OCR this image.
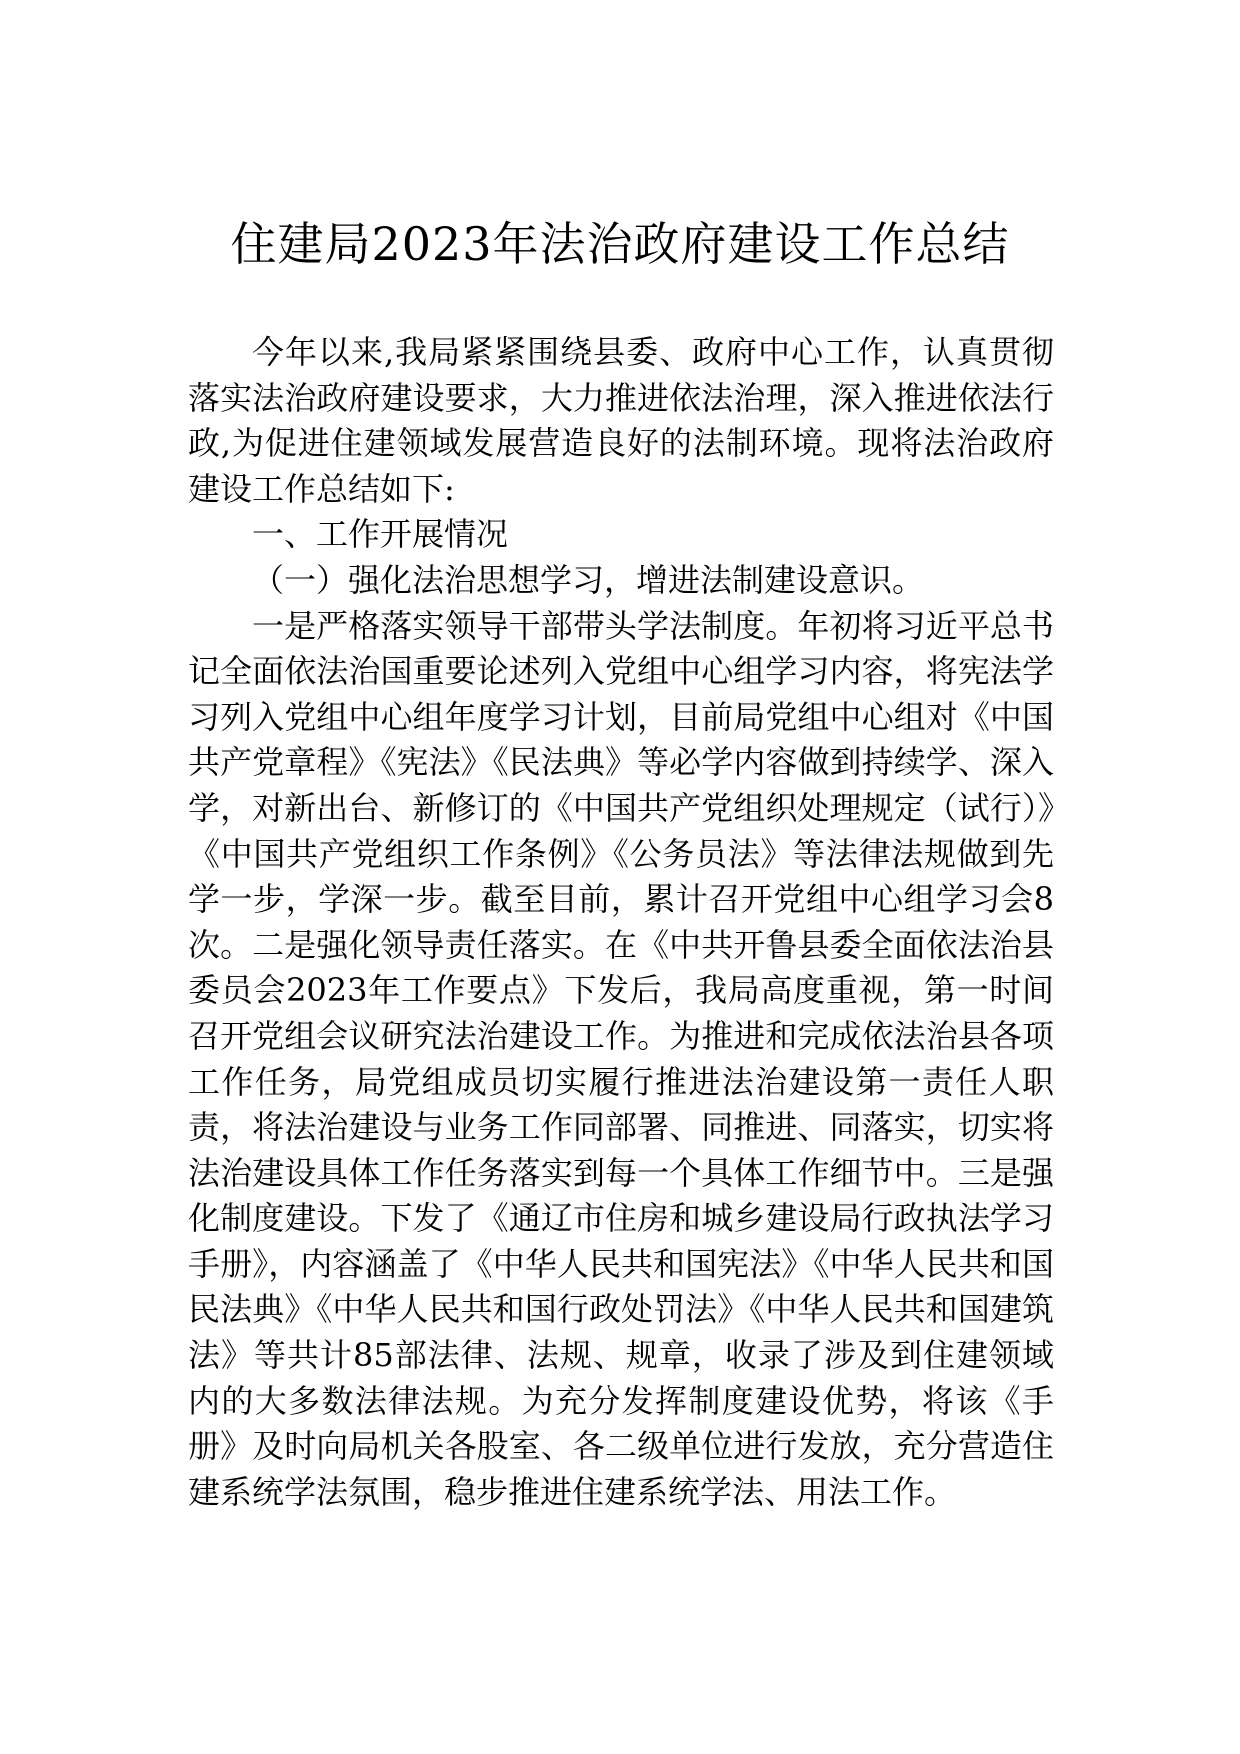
住建局2023年法治政府建设工作总结

今年以来,我局紧紧围绕县委、政府中心工作，认真贯彻落实法治政府建设要求，大力推进依法治理，深入推进依法行政,为促进住建领域发展营造良好的法制环境。现将法治政府建设工作总结如下:

一、工作开展情况

（一）强化法治思想学习，增进法制建设意识。

一是严格落实领导干部带头学法制度。年初将习近平总书记全面依法治国重要论述列入党组中心组学习内容，将宪法学习列入党组中心组年度学习计划，目前局党组中心组对《中国共产党章程》《宪法》《民法典》等必学内容做到持续学、深入学，对新出台、新修订的《中国共产党组织处理规定（试行）》《中国共产党组织工作条例》《公务员法》等法律法规做到先学一步，学深一步。截至目前，累计召开党组中心组学习会8次。二是强化领导责任落实。在《中共开鲁县委全面依法治县委员会2023年工作要点》下发后，我局高度重视，第一时间召开党组会议研究法治建设工作。为推进和完成依法治县各项工作任务，局党组成员切实履行推进法治建设第一责任人职责，将法治建设与业务工作同部署、同推进、同落实，切实将法治建设具体工作任务落实到每一个具体工作细节中。三是强化制度建设。下发了《通辽市住房和城乡建设局行政执法学习手册》，内容涵盖了《中华人民共和国宪法》《中华人民共和国民法典》《中华人民共和国行政处罚法》《中华人民共和国建筑法》等共计85部法律、法规、规章，收录了涉及到住建领域内的大多数法律法规。为充分发挥制度建设优势，将该《手册》及时向局机关各股室、各二级单位进行发放，充分营造住建系统学法氛围，稳步推进住建系统学法、用法工作。
